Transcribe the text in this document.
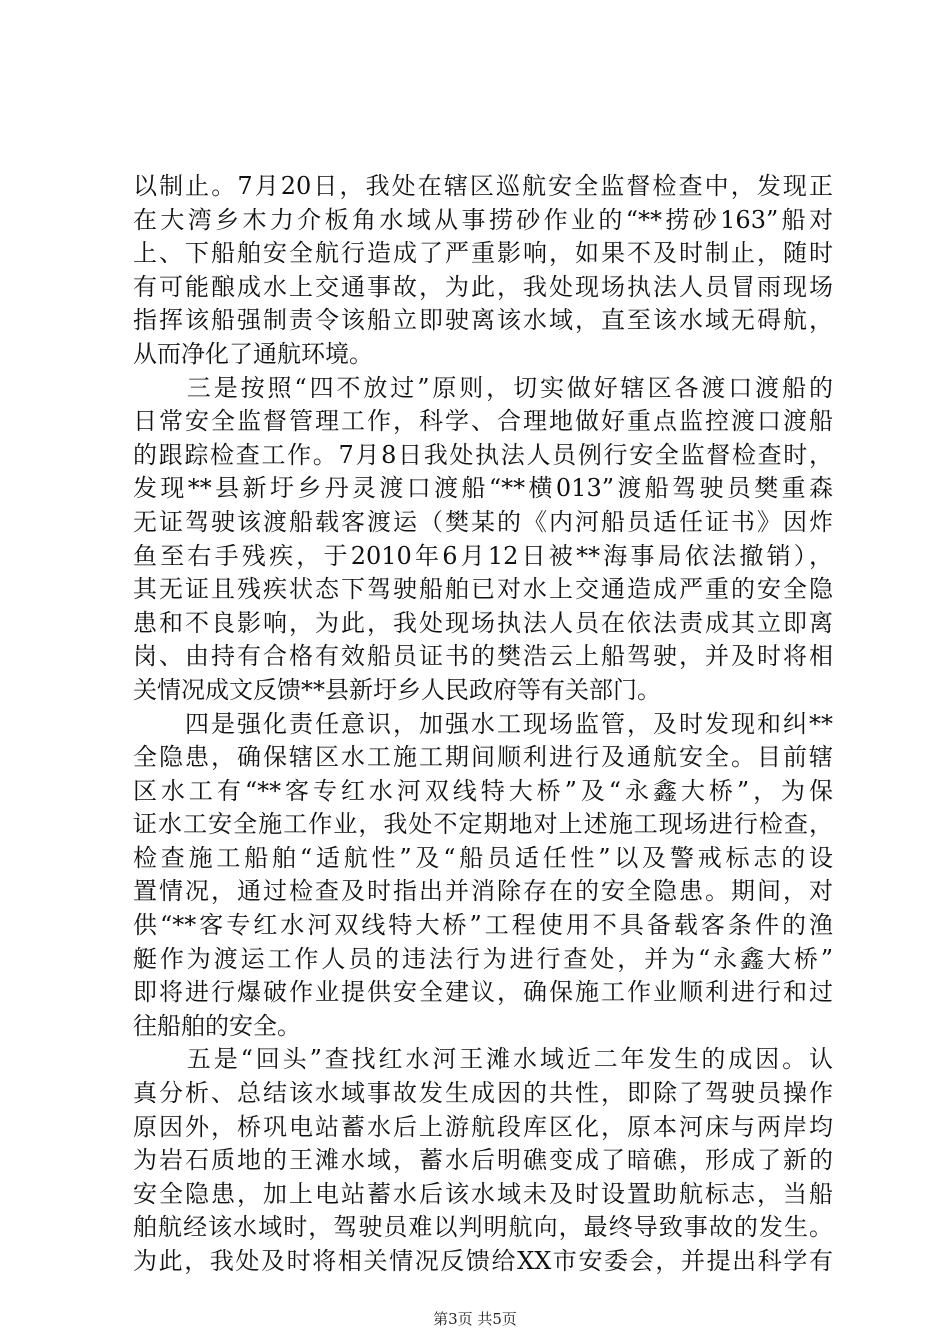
以制止。7月20日，我处在辖区巡航安全监督检查中，发现正
在大湾乡木力介板角水域从事捞砂作业的“**捞砂163”船对
上、下船舶安全航行造成了严重影响，如果不及时制止，随时
有可能酿成水上交通事故，为此，我处现场执法人员冒雨现场
指挥该船强制责令该船立即驶离该水域，直至该水域无碍航，
从而净化了通航环境。
　　三是按照“四不放过”原则，切实做好辖区各渡口渡船的
日常安全监督管理工作，科学、合理地做好重点监控渡口渡船
的跟踪检查工作。7月8日我处执法人员例行安全监督检查时，
发现**县新圩乡丹灵渡口渡船“**横013”渡船驾驶员樊重森
无证驾驶该渡船载客渡运（樊某的《内河船员适任证书》因炸
鱼至右手残疾，于2010年6月12日被**海事局依法撤销），
其无证且残疾状态下驾驶船舶已对水上交通造成严重的安全隐
患和不良影响，为此，我处现场执法人员在依法责成其立即离
岗、由持有合格有效船员证书的樊浩云上船驾驶，并及时将相
关情况成文反馈**县新圩乡人民政府等有关部门。
　　四是强化责任意识，加强水工现场监管，及时发现和纠**
全隐患，确保辖区水工施工期间顺利进行及通航安全。目前辖
区水工有“**客专红水河双线特大桥”及“永鑫大桥”，为保
证水工安全施工作业，我处不定期地对上述施工现场进行检查，
检查施工船舶“适航性”及“船员适任性”以及警戒标志的设
置情况，通过检查及时指出并消除存在的安全隐患。期间，对
供“**客专红水河双线特大桥”工程使用不具备载客条件的渔
艇作为渡运工作人员的违法行为进行查处，并为“永鑫大桥”
即将进行爆破作业提供安全建议，确保施工作业顺利进行和过
往船舶的安全。
　　五是“回头”查找红水河王滩水域近二年发生的成因。认
真分析、总结该水域事故发生成因的共性，即除了驾驶员操作
原因外，桥巩电站蓄水后上游航段库区化，原本河床与两岸均
为岩石质地的王滩水域，蓄水后明礁变成了暗礁，形成了新的
安全隐患，加上电站蓄水后该水域未及时设置助航标志，当船
舶航经该水域时，驾驶员难以判明航向，最终导致事故的发生。
为此，我处及时将相关情况反馈给XX市安委会，并提出科学有
第3页 共5页
